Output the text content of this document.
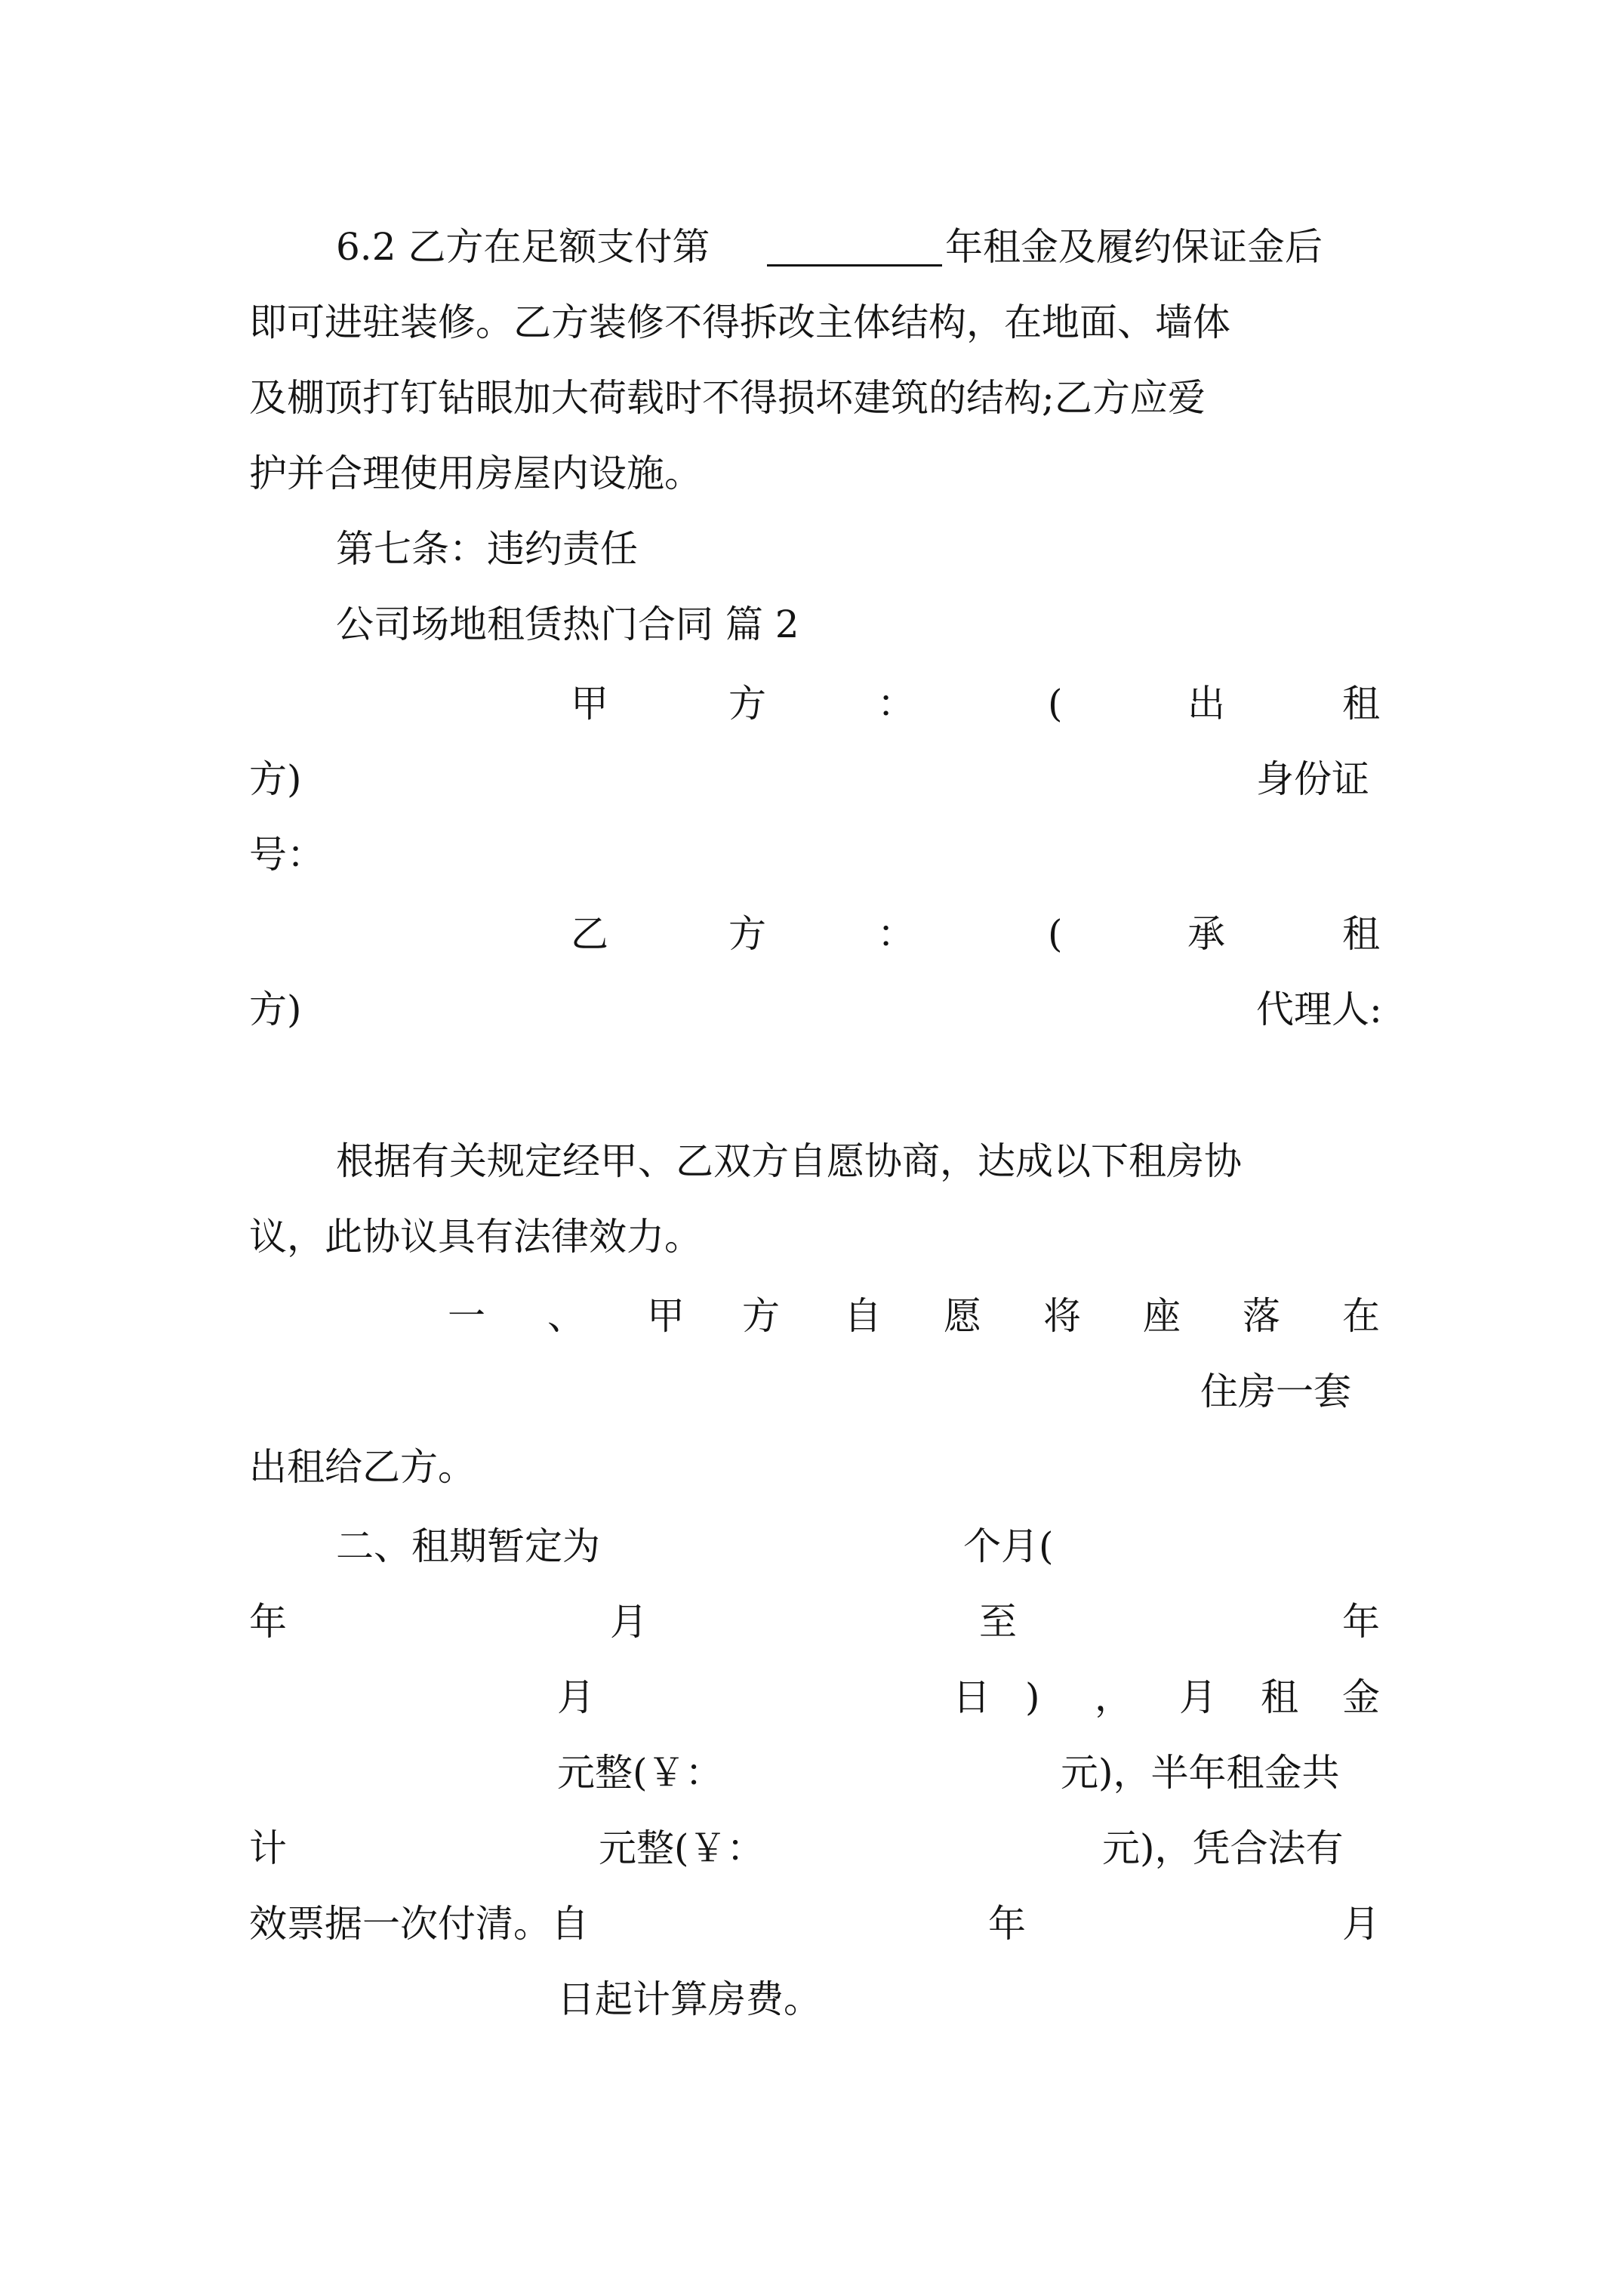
6.2 乙方在足额支付第	年租金及履约保证金后
即可进驻装修。乙方装修不得拆改主体结构，在地面、墙体
及棚顶打钉钻眼加大荷载时不得损坏建筑的结构;乙方应爱
护并合理使用房屋内设施。
第七条：违约责任
公司场地租赁热门合同 篇 2
甲	方	：	(	出	租
方)	身份证
号：
乙	方	：	(	承	租
方)	代理人:
根据有关规定经甲、乙双方自愿协商，达成以下租房协
议，此协议具有法律效力。
一 、 甲 方 自 愿 将 座 落 在
住房一套
出租给乙方。
二、租期暂定为	个月(
年	月	至	年
月	日 ) ， 月 租 金
元整(￥：	元)，半年租金共
计	元整(￥：	元)，凭合法有
效票据一次付清。自	年	月
日起计算房费。
